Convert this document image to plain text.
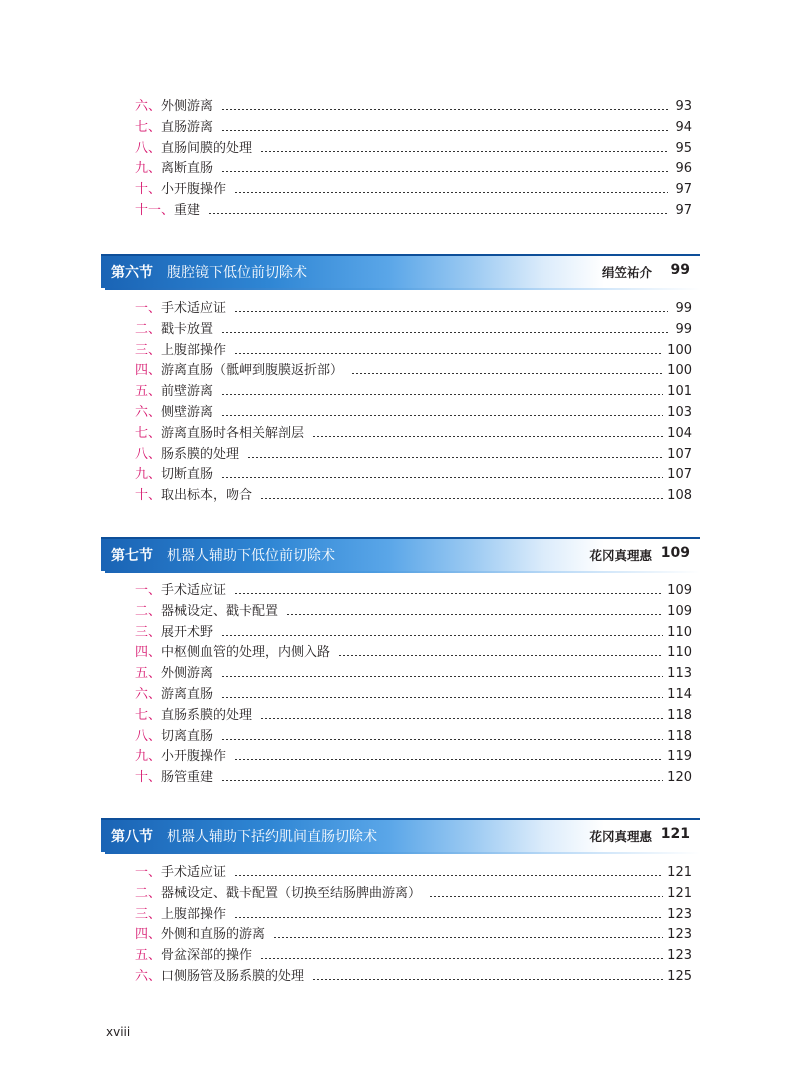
六、 外侧游离	93
七、 直肠游离	94
八、 直肠间膜的处理	95
九、 离断直肠	96
十、 小开腹操作	97
十一、 重建	97
第六节 腹腔镜下低位前切除术	绢笠祐介 99
一、 手术适应证	99
二、 戳卡放置	99
三、 上腹部操作	100
四、 游离直肠（骶岬到腹膜返折部）	100
五、 前壁游离	101
六、 侧壁游离	103
七、 游离直肠时各相关解剖层	104
八、 肠系膜的处理	107
九、 切断直肠	107
十、 取出标本，吻合	108
第七节 机器人辅助下低位前切除术	花冈真理惠 109
一、 手术适应证	109
二、 器械设定、戳卡配置	109
三、 展开术野	110
四、 中枢侧血管的处理，内侧入路	110
五、 外侧游离	113
六、 游离直肠	114
七、 直肠系膜的处理	118
八、 切离直肠	118
九、 小开腹操作	119
十、 肠管重建	120
第八节 机器人辅助下括约肌间直肠切除术	花冈真理惠 121
一、 手术适应证	121
二、 器械设定、戳卡配置（切换至结肠脾曲游离）	121
三、 上腹部操作	123
四、 外侧和直肠的游离	123
五、 骨盆深部的操作	123
六、 口侧肠管及肠系膜的处理	125
xviii
